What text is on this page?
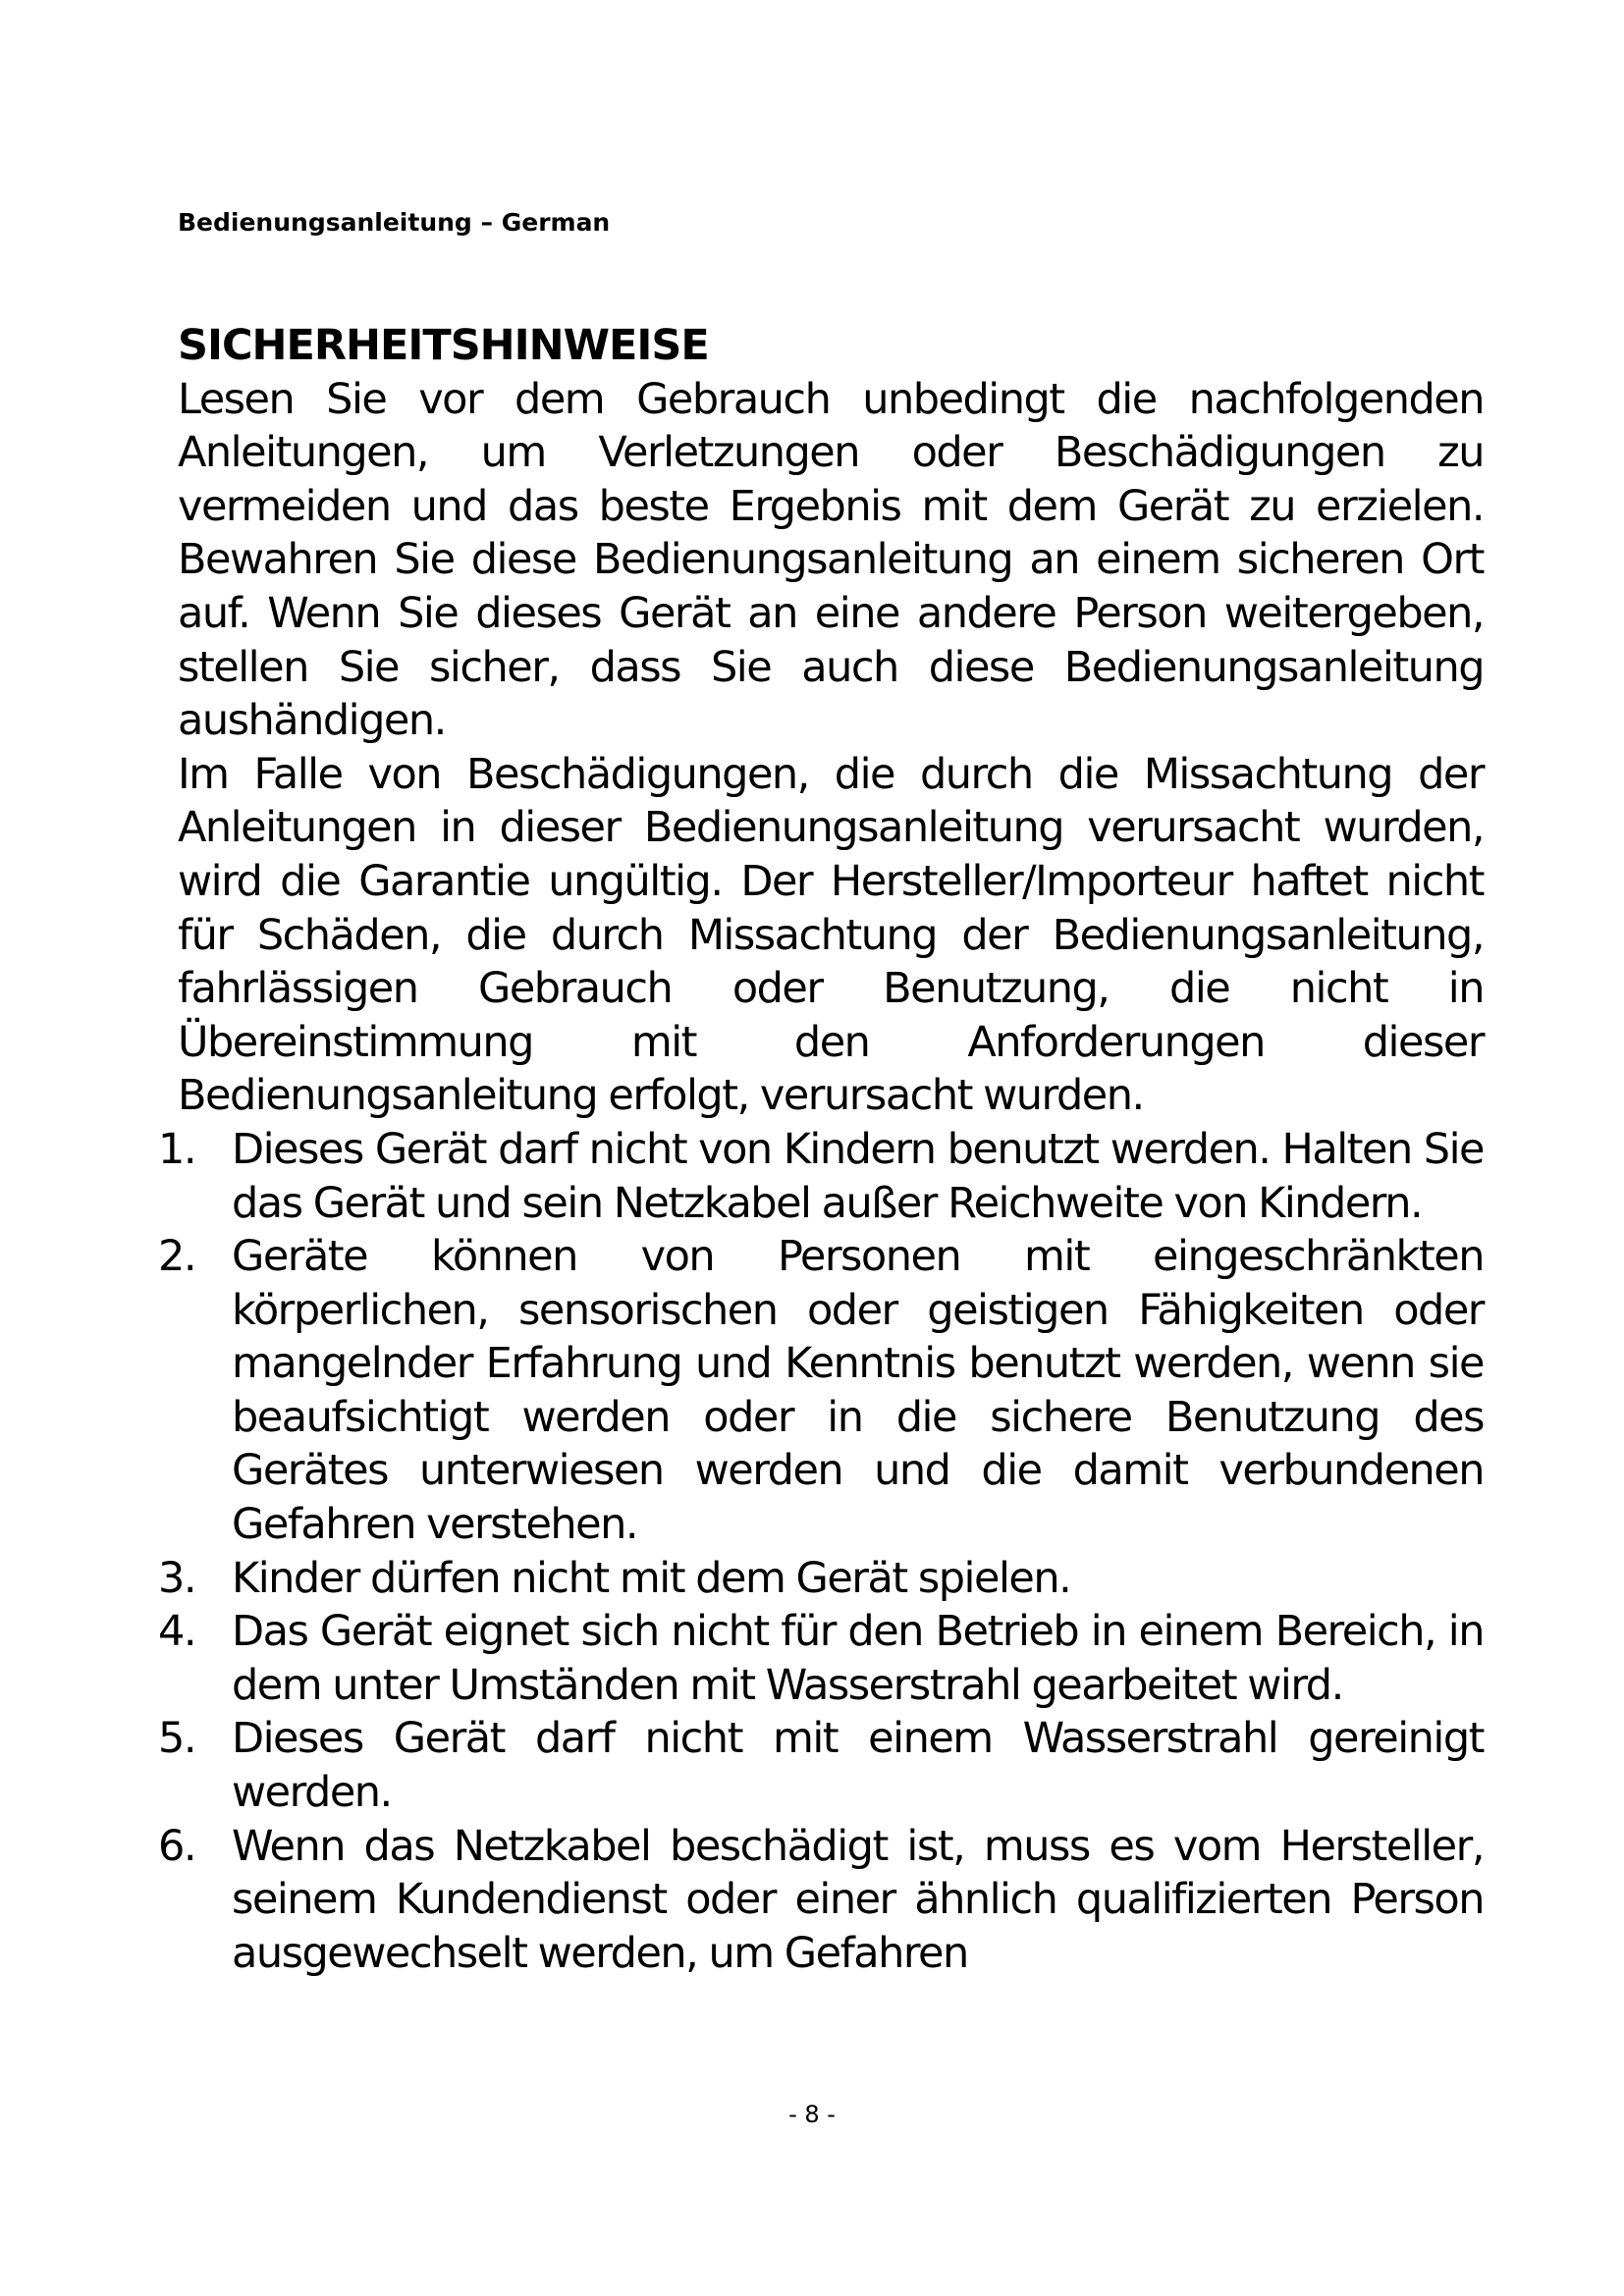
Bedienungsanleitung – German

SICHERHEITSHINWEISE

Lesen Sie vor dem Gebrauch unbedingt die nachfolgenden Anleitungen, um Verletzungen oder Beschädigungen zu vermeiden und das beste Ergebnis mit dem Gerät zu erzielen. Bewahren Sie diese Bedienungsanleitung an einem sicheren Ort auf. Wenn Sie dieses Gerät an eine andere Person weitergeben, stellen Sie sicher, dass Sie auch diese Bedienungsanleitung aushändigen.

Im Falle von Beschädigungen, die durch die Missachtung der Anleitungen in dieser Bedienungsanleitung verursacht wurden, wird die Garantie ungültig. Der Hersteller/Importeur haftet nicht für Schäden, die durch Missachtung der Bedienungsanleitung, fahrlässigen Gebrauch oder Benutzung, die nicht in Übereinstimmung mit den Anforderungen dieser Bedienungsanleitung erfolgt, verursacht wurden.

1. Dieses Gerät darf nicht von Kindern benutzt werden. Halten Sie das Gerät und sein Netzkabel außer Reichweite von Kindern.
2. Geräte können von Personen mit eingeschränkten körperlichen, sensorischen oder geistigen Fähigkeiten oder mangelnder Erfahrung und Kenntnis benutzt werden, wenn sie beaufsichtigt werden oder in die sichere Benutzung des Gerätes unterwiesen werden und die damit verbundenen Gefahren verstehen.
3. Kinder dürfen nicht mit dem Gerät spielen.
4. Das Gerät eignet sich nicht für den Betrieb in einem Bereich, in dem unter Umständen mit Wasserstrahl gearbeitet wird.
5. Dieses Gerät darf nicht mit einem Wasserstrahl gereinigt werden.
6. Wenn das Netzkabel beschädigt ist, muss es vom Hersteller, seinem Kundendienst oder einer ähnlich qualifizierten Person ausgewechselt werden, um Gefahren
- 8 -
